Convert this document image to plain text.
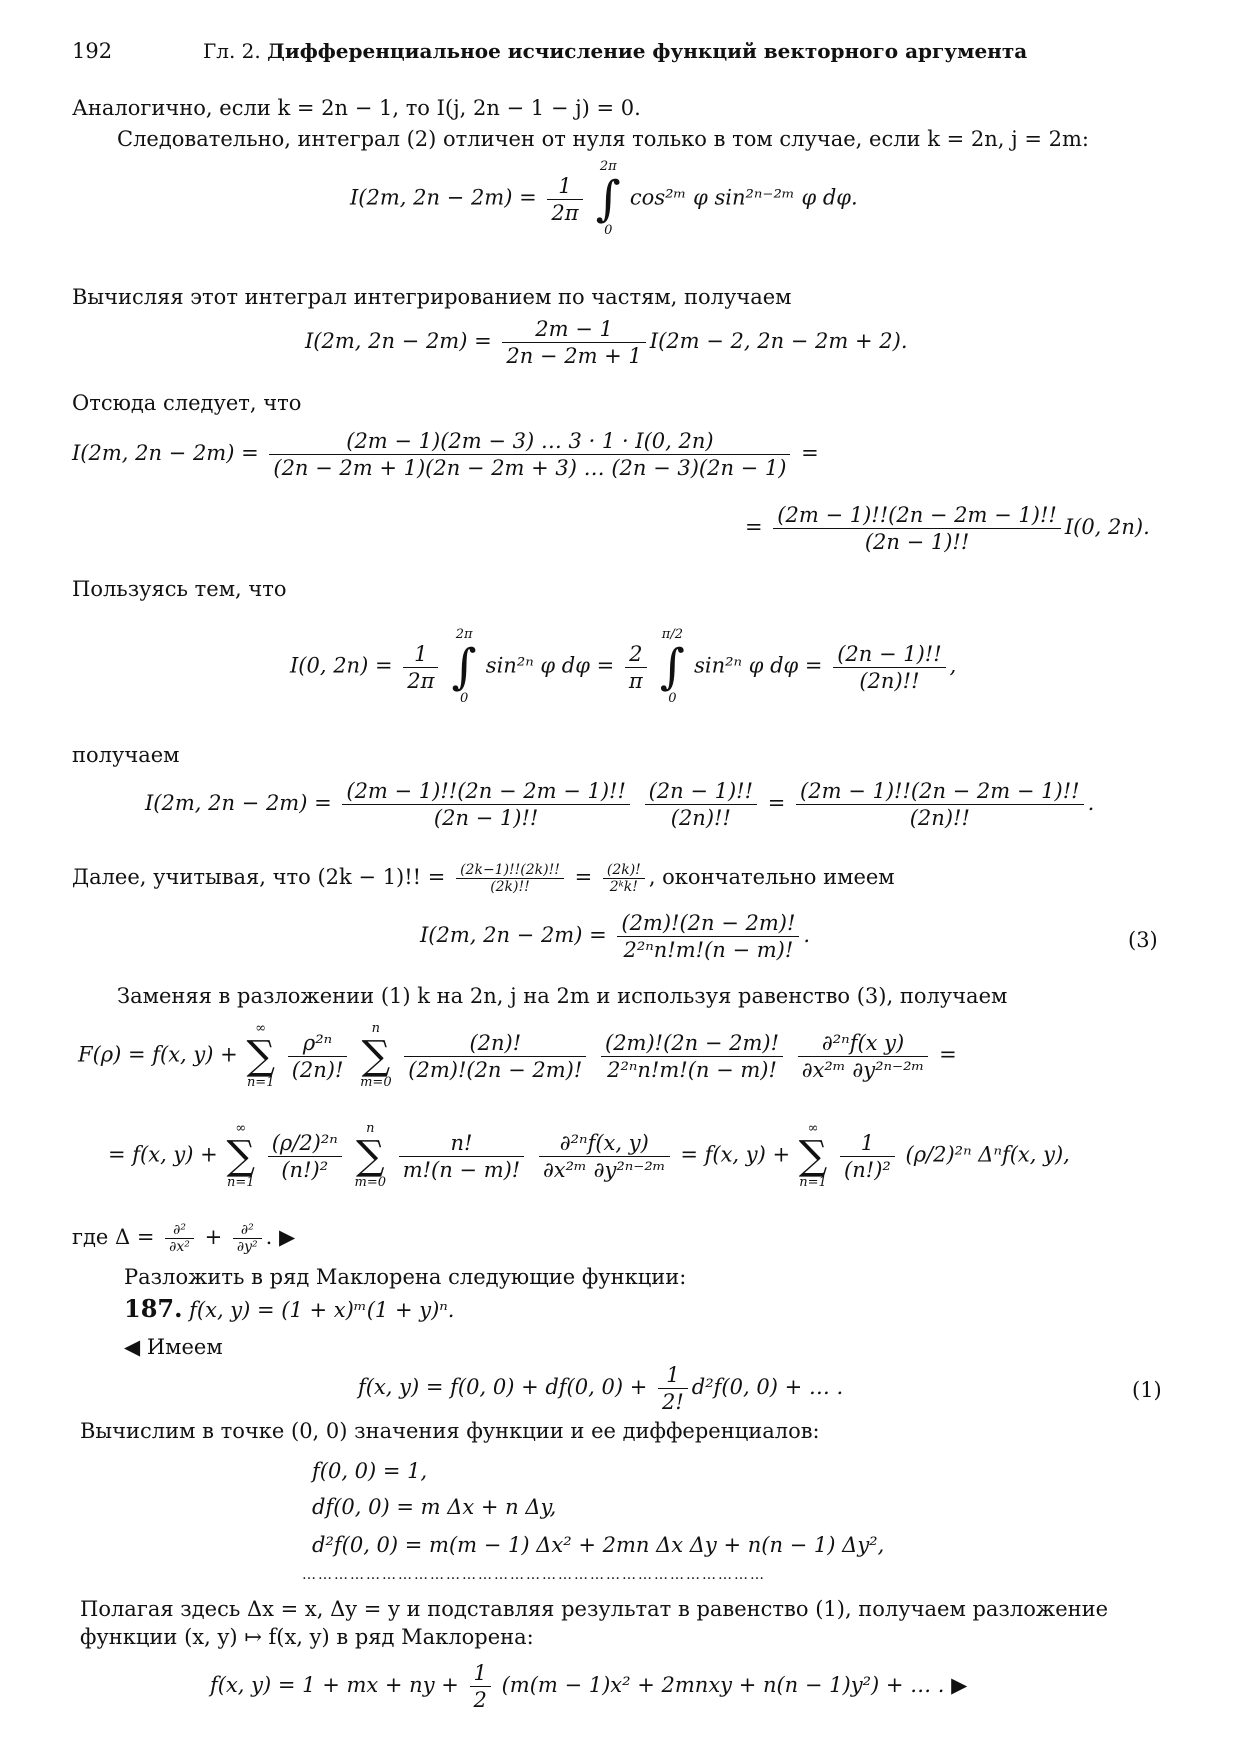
192	Гл. 2. Дифференциальное исчисление функций векторного аргумента
Аналогично, если k = 2n − 1, то I(j, 2n − 1 − j) = 0.
Следовательно, интеграл (2) отличен от нуля только в том случае, если k = 2n, j = 2m:
I(2m, $2n - 2m) = \frac{1}{2\pi}$

2π
∫
0
cos²ᵐ φ sin²ⁿ⁻²ᵐ φ dφ.
Вычисляя этот интеграл интегрированием по частям, получаем
I(2m, $2n - 2m) = \frac{2m - 1}{2n - 2m + 1} I(2m - 2$, 2n − 2m + 2).
Отсюда следует, что
I(2m, $2n - 2m) = \frac{(2m - 1)(2m - 3) \dots 3 \cdot 1 \cdot I(0, 2n)}{(2n - 2m + 1)(2n - 2m + 3) \dots (2n - 3)(2n - 1)}$ =
= $\frac{(2m - 1)!!(2n - 2m - 1)!!}{(2n - 1)!!} I(0$, 2n).
Пользуясь тем, что
I(0, $2n) = \frac{1}{2\pi}$

2π
∫
0
sin²ⁿ φ $d\varphi = \frac{2}{\pi}$

π/2
∫
0
sin²ⁿ φ $d\varphi = \frac{(2n - 1)!!}{(2n)!!}$ ,
получаем
I(2m, $2n - 2m) = \frac{(2m - 1)!!(2n - 2m - 1)!!}{(2n - 1)!!}$
$\frac{(2n - 1)!!}{(2n)!!} = \frac{(2m - 1)!!(2n - 2m - 1)!!}{(2n)!!}$ .
Далее, учитывая, что (2k − 1)!! = $\frac{(2k-1)!!(2k)!!}{(2k)!!} = \frac{(2k)!}{\text{2ᵏk!}}$ , окончательно имеем
I(2m, $2n - 2m) = \frac{(2m)!(2n - 2m)!}{\text{2²ⁿn!m!(n − m)!}}$ .	(3)
Заменяя в разложении (1) k на 2n, j на 2m и используя равенство (3), получаем
F(ρ) = f(x, y) +
∞
∑
n=1
$\frac{\text{ρ²ⁿ}}{(2n)!}$

n
∑
m=0
$\frac{(2n)!}{(2m)!(2n - 2m)!}$
$\frac{(2m)!(2n - 2m)!}{\text{2²ⁿn!m!(n − m)!}}$
$\frac{\text{∂²ⁿf(x y)}}{\text{∂x²ᵐ ∂y²ⁿ⁻²ᵐ}}$ =
= f(x, y) +
∞
∑
n=1
$\frac{\text{(ρ/2)²ⁿ}}{\text{(n!)²}}$

n
∑
m=0
$\frac{n!}{m!(n - m)!}$
$\frac{\text{∂²ⁿf(x, y)}}{\text{∂x²ᵐ ∂y²ⁿ⁻²ᵐ}} = f(x$, y) +
∞
∑
n=1
$\frac{1}{\text{(n!)²}} (\rho/2)^{2n}$ Δⁿf(x, y),
где $\Delta = \frac{\text{∂²}}{\text{∂x²}} + \frac{\text{∂²}}{\text{∂y²}}$ . ▶
Разложить в ряд Маклорена следующие функции:
187. f(x, y) = (1 + x)ᵐ(1 + y)ⁿ.
◀ Имеем
f(x, y) = f(0, 0) + df(0, $0) + \frac{1}{2!} d^2f(0$, 0) + … .	(1)
Вычислим в точке (0, 0) значения функции и ее дифференциалов:
f(0, 0) = 1,
df(0, 0) = m Δx + n Δy,
d²f(0, 0) = m(m − 1) Δx² + 2mn Δx Δy + n(n − 1) Δy²,
……………………………………………………………………………
Полагая здесь Δx = x, Δy = y и подставляя результат в равенство (1), получаем разложение
функции (x, y) ↦ f(x, y) в ряд Маклорена:
f(x, y) = 1 + mx + ny + $\frac{1}{2} (m(m - 1)x^2$ + 2mnxy + n(n − 1)y²) + … . ▶
